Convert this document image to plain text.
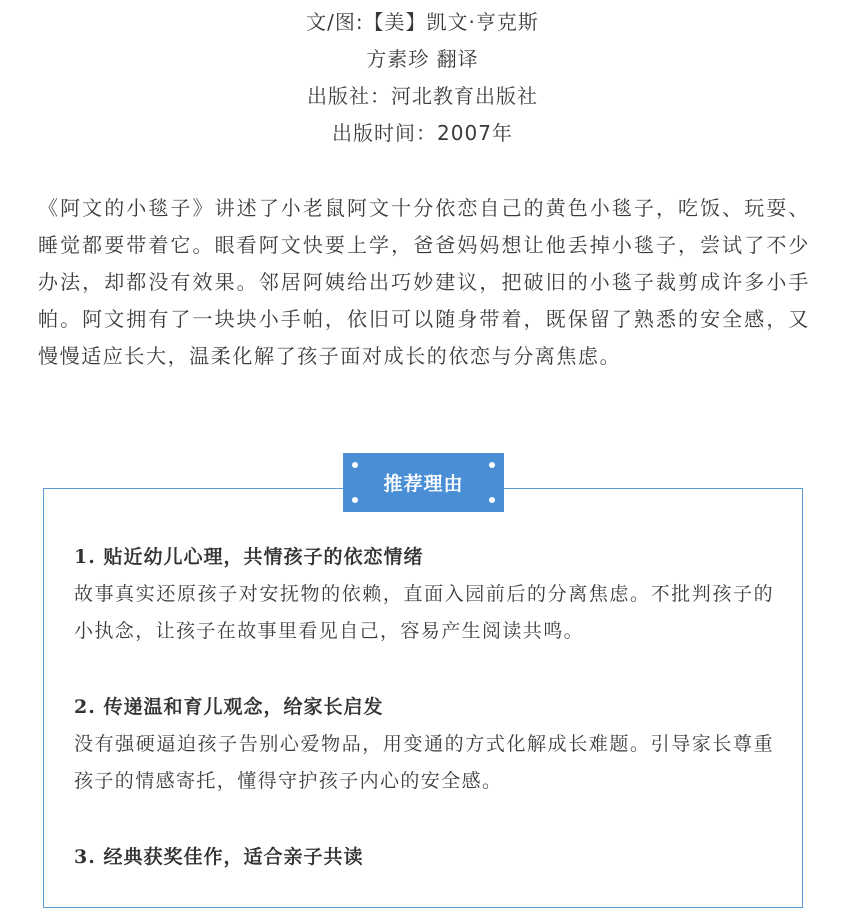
文/图:【美】凯文·亨克斯
方素珍 翻译
出版社：河北教育出版社
出版时间：2007年

《阿文的小毯子》讲述了小老鼠阿文十分依恋自己的黄色小毯子，吃饭、玩耍、睡觉都要带着它。眼看阿文快要上学，爸爸妈妈想让他丢掉小毯子，尝试了不少办法，却都没有效果。邻居阿姨给出巧妙建议，把破旧的小毯子裁剪成许多小手帕。阿文拥有了一块块小手帕，依旧可以随身带着，既保留了熟悉的安全感，又慢慢适应长大，温柔化解了孩子面对成长的依恋与分离焦虑。

推荐理由
1. 贴近幼儿心理，共情孩子的依恋情绪
故事真实还原孩子对安抚物的依赖，直面入园前后的分离焦虑。不批判孩子的小执念，让孩子在故事里看见自己，容易产生阅读共鸣。
2. 传递温和育儿观念，给家长启发
没有强硬逼迫孩子告别心爱物品，用变通的方式化解成长难题。引导家长尊重孩子的情感寄托，懂得守护孩子内心的安全感。
3. 经典获奖佳作，适合亲子共读
